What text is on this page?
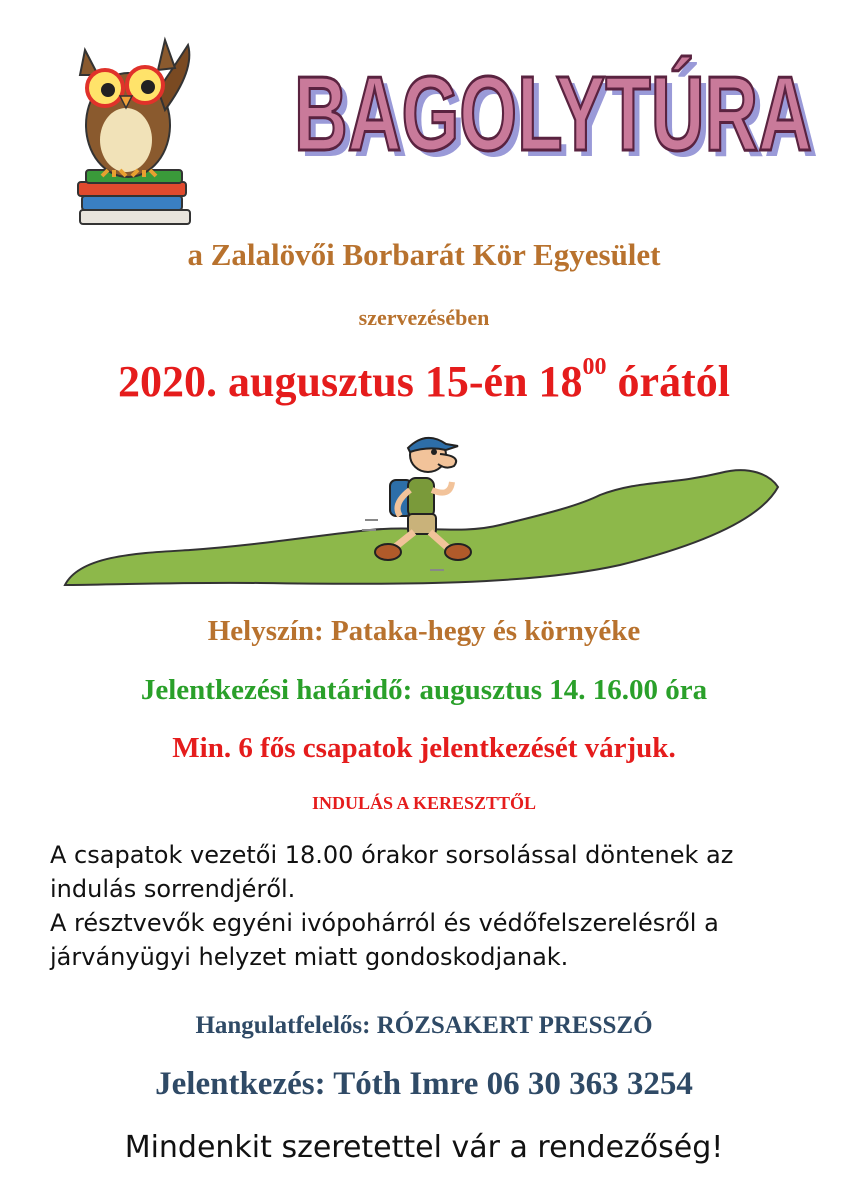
BAGOLYTÚRA
BAGOLYTÚRA
a Zalalövői Borbarát Kör Egyesület
szervezésében
2020. augusztus 15-én $18^{00}$ órától
Helyszín: Pataka-hegy és környéke
Jelentkezési határidő: augusztus 14. 16.00 óra
Min. 6 fős csapatok jelentkezését várjuk.
INDULÁS A KERESZTTŐL

A csapatok vezetői 18.00 órakor sorsolással döntenek az indulás sorrendjéről.

A résztvevők egyéni ivópohárról és védőfelszerelésről a járványügyi helyzet miatt gondoskodjanak.

Hangulatfelelős: RÓZSAKERT PRESSZÓ
Jelentkezés: Tóth Imre 06 30 363 3254
Mindenkit szeretettel vár a rendezőség!
